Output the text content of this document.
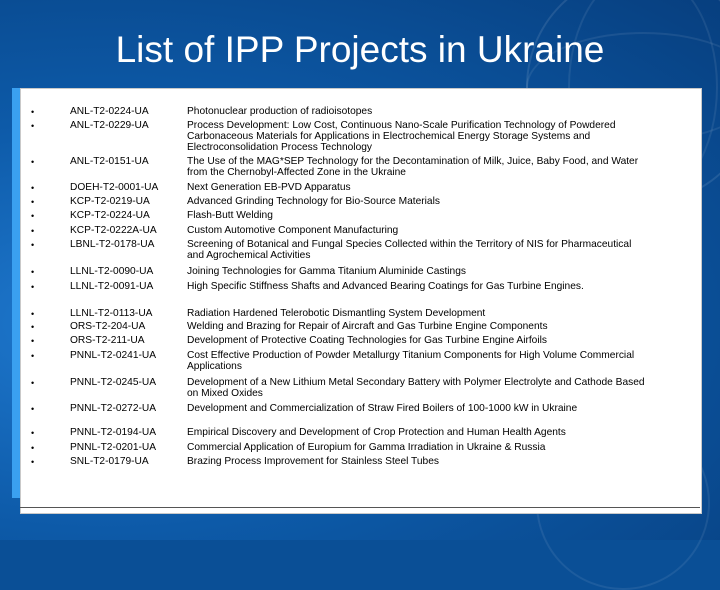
List of IPP Projects in Ukraine
•	ANL-T2-0224-UA	Photonuclear production of radioisotopes
•	ANL-T2-0229-UA	Process Development: Low Cost, Continuous Nano-Scale Purification Technology of Powdered Carbonaceous Materials for Applications in Electrochemical Energy Storage Systems and Electroconsolidation Process Technology
•	ANL-T2-0151-UA	The Use of the MAG*SEP Technology for the Decontamination of Milk, Juice, Baby Food, and Water from the Chernobyl-Affected Zone in the Ukraine
•	DOEH-T2-0001-UA	Next Generation EB-PVD Apparatus
•	KCP-T2-0219-UA	Advanced Grinding Technology for Bio-Source Materials
•	KCP-T2-0224-UA	Flash-Butt Welding
•	KCP-T2-0222A-UA	Custom Automotive Component Manufacturing
•	LBNL-T2-0178-UA	Screening of Botanical and Fungal Species Collected within the Territory of NIS for Pharmaceutical and Agrochemical Activities
•	LLNL-T2-0090-UA	Joining Technologies for Gamma Titanium Aluminide Castings
•	LLNL-T2-0091-UA	High Specific Stiffness Shafts and Advanced Bearing Coatings for Gas Turbine Engines.
•	LLNL-T2-0113-UA	Radiation Hardened Telerobotic Dismantling System Development
•	ORS-T2-204-UA	Welding and Brazing for Repair of Aircraft and Gas Turbine Engine Components
•	ORS-T2-211-UA	Development of Protective Coating Technologies for Gas Turbine Engine Airfoils
•	PNNL-T2-0241-UA	Cost Effective Production of Powder Metallurgy Titanium Components for High Volume Commercial Applications
•	PNNL-T2-0245-UA	Development of a New Lithium Metal Secondary Battery with Polymer Electrolyte and Cathode Based on Mixed Oxides
•	PNNL-T2-0272-UA	Development and Commercialization of Straw Fired Boilers of 100-1000 kW in Ukraine
•	PNNL-T2-0194-UA	Empirical Discovery and Development of Crop Protection and Human Health Agents
•	PNNL-T2-0201-UA	Commercial Application of Europium for Gamma Irradiation in Ukraine & Russia
•	SNL-T2-0179-UA	Brazing Process Improvement for Stainless Steel Tubes
